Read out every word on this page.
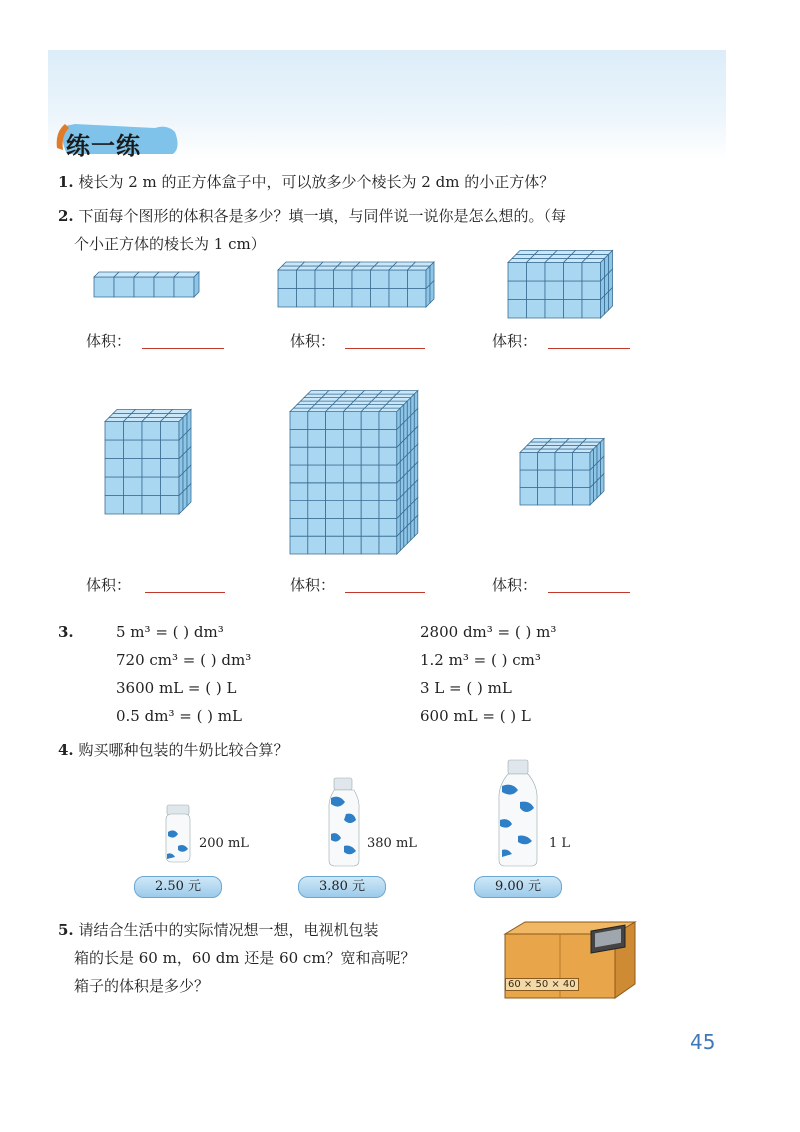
练一练
1. 棱长为 2 m 的正方体盒子中，可以放多少个棱长为 2 dm 的小正方体？
2. 下面每个图形的体积各是多少？填一填，与同伴说一说你是怎么想的。（每
个小正方体的棱长为 1 cm）
体积：	体积：	体积：
体积：	体积：	体积：
3.	5 m³ = ( ) dm³	2800 dm³ = ( ) m³
720 cm³ = ( ) dm³	1.2 m³ = ( ) cm³
3600 mL = ( ) L	3 L = ( ) mL
0.5 dm³ = ( ) mL	600 mL = ( ) L
4. 购买哪种包装的牛奶比较合算？
200 mL	380 mL	1 L
2.50 元	3.80 元	9.00 元
5. 请结合生活中的实际情况想一想，电视机包装
箱的长是 60 m，60 dm 还是 60 cm？宽和高呢？
箱子的体积是多少？	60 × 50 × 40
45
